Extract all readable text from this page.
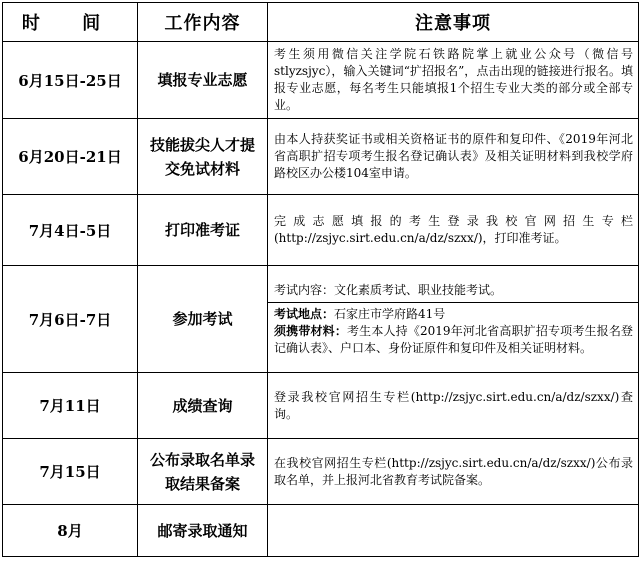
时 间	工作内容	注意事项
6月15日-25日	填报专业志愿	考生须用微信关注学院石铁路院掌上就业公众号（微信号stlyzsjyc），输入关键词“扩招报名”，点击出现的链接进行报名。填报专业志愿，每名考生只能填报1个招生专业大类的部分或全部专业。
6月20日-21日	技能拔尖人才提交免试材料	由本人持获奖证书或相关资格证书的原件和复印件、《2019年河北省高职扩招专项考生报名登记确认表》及相关证明材料到我校学府路校区办公楼104室申请。
7月4日-5日	打印准考证	完成志愿填报的考生登录我校官网招生专栏(http://zsjyc.sirt.edu.cn/a/dz/szxx/)，打印准考证。
7月6日-7日	参加考试	考试内容：文化素质考试、职业技能考试。
考试地点：石家庄市学府路41号
须携带材料：考生本人持《2019年河北省高职扩招专项考生报名登记确认表》、户口本、身份证原件和复印件及相关证明材料。

7月11日	成绩查询	登录我校官网招生专栏(http://zsjyc.sirt.edu.cn/a/dz/szxx/)查询。
7月15日	公布录取名单录取结果备案	在我校官网招生专栏(http://zsjyc.sirt.edu.cn/a/dz/szxx/)公布录取名单，并上报河北省教育考试院备案。
8月	邮寄录取通知	
